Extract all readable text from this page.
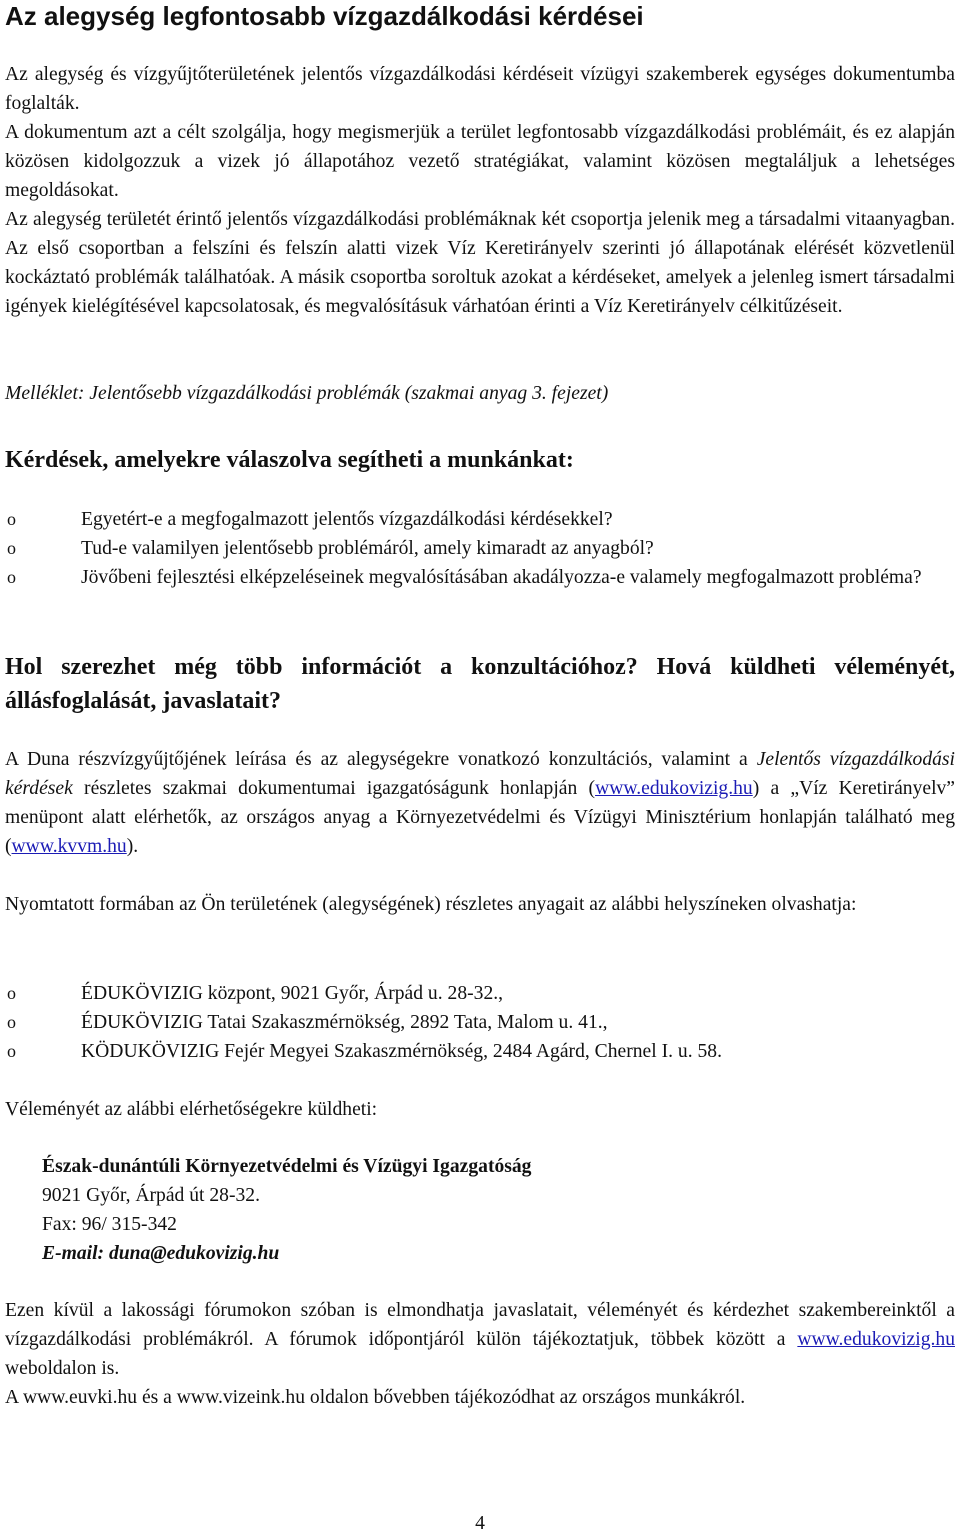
Az alegység legfontosabb vízgazdálkodási kérdései

Az alegység és vízgyűjtőterületének jelentős vízgazdálkodási kérdéseit vízügyi szakemberek egységes dokumentumba foglalták.

A dokumentum azt a célt szolgálja, hogy megismerjük a terület legfontosabb vízgazdálkodási problémáit, és ez alapján közösen kidolgozzuk a vizek jó állapotához vezető stratégiákat, valamint közösen megtaláljuk a lehetséges megoldásokat.

Az alegység területét érintő jelentős vízgazdálkodási problémáknak két csoportja jelenik meg a társadalmi vitaanyagban. Az első csoportban a felszíni és felszín alatti vizek Víz Keretirányelv szerinti jó állapotának elérését közvetlenül kockáztató problémák találhatóak. A másik csoportba soroltuk azokat a kérdéseket, amelyek a jelenleg ismert társadalmi igények kielégítésével kapcsolatosak, és megvalósításuk várhatóan érinti a Víz Keretirányelv célkitűzéseit.

Melléklet: Jelentősebb vízgazdálkodási problémák (szakmai anyag 3. fejezet)

Kérdések, amelyekre válaszolva segítheti a munkánkat:
o	Egyetért-e a megfogalmazott jelentős vízgazdálkodási kérdésekkel?
o	Tud-e valamilyen jelentősebb problémáról, amely kimaradt az anyagból?
o	Jövőbeni fejlesztési elképzeléseinek megvalósításában akadályozza-e valamely megfogalmazott probléma?
Hol szerezhet még több információt a konzultációhoz? Hová küldheti véleményét, állásfoglalását, javaslatait?

A Duna részvízgyűjtőjének leírása és az alegységekre vonatkozó konzultációs, valamint a Jelentős vízgazdálkodási kérdések részletes szakmai dokumentumai igazgatóságunk honlapján (www.edukovizig.hu) a „Víz Keretirányelv” menüpont alatt elérhetők, az országos anyag a Környezetvédelmi és Vízügyi Minisztérium honlapján található meg (www.kvvm.hu).

Nyomtatott formában az Ön területének (alegységének) részletes anyagait az alábbi helyszíneken olvashatja:

o	ÉDUKÖVIZIG központ, 9021 Győr, Árpád u. 28-32.,
o	ÉDUKÖVIZIG Tatai Szakaszmérnökség, 2892 Tata, Malom u. 41.,
o	KÖDUKÖVIZIG Fejér Megyei Szakaszmérnökség, 2484 Agárd, Chernel I. u. 58.

Véleményét az alábbi elérhetőségekre küldheti:

Észak-dunántúli Környezetvédelmi és Vízügyi Igazgatóság
9021 Győr, Árpád út 28-32.
Fax: 96/ 315-342
E-mail: duna@edukovizig.hu

Ezen kívül a lakossági fórumokon szóban is elmondhatja javaslatait, véleményét és kérdezhet szakembereinktől a vízgazdálkodási problémákról. A fórumok időpontjáról külön tájékoztatjuk, többek között a www.edukovizig.hu weboldalon is.

A www.euvki.hu és a www.vizeink.hu oldalon bővebben tájékozódhat az országos munkákról.

4
